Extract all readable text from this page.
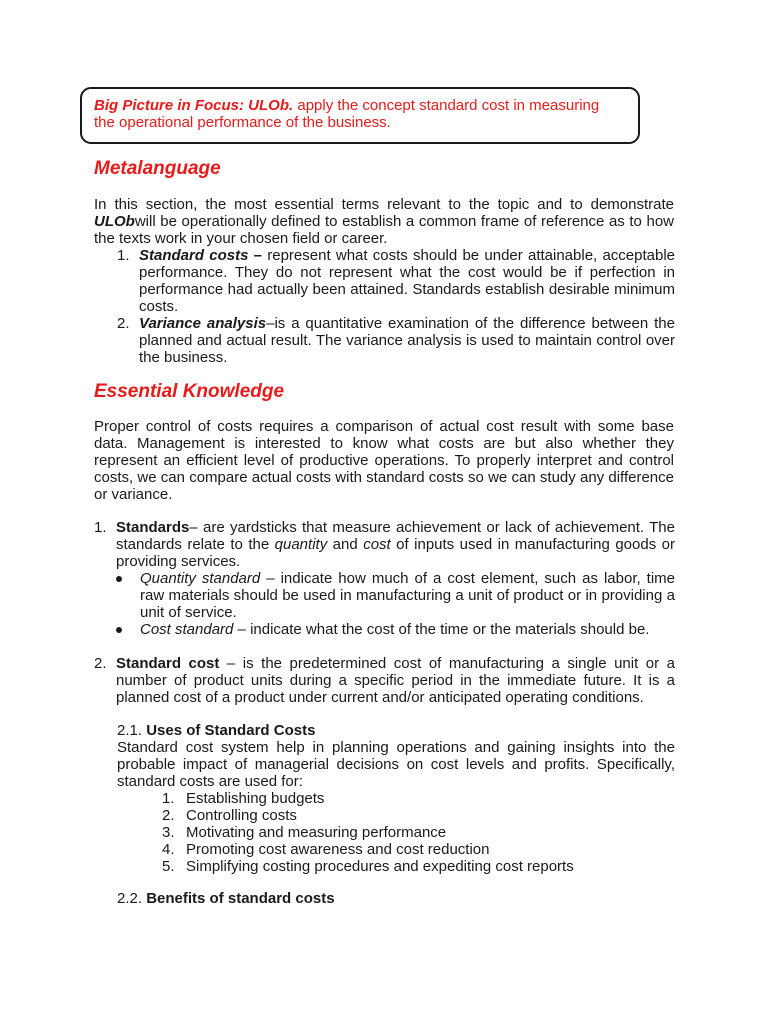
Big Picture in Focus: ULOb. apply the concept standard cost in measuring the operational performance of the business.
Metalanguage
In this section, the most essential terms relevant to the topic and to demonstrate ULObwill be operationally defined to establish a common frame of reference as to how the texts work in your chosen field or career.
1. Standard costs – represent what costs should be under attainable, acceptable performance. They do not represent what the cost would be if perfection in performance had actually been attained. Standards establish desirable minimum costs.
2. Variance analysis–is a quantitative examination of the difference between the planned and actual result. The variance analysis is used to maintain control over the business.
Essential Knowledge
Proper control of costs requires a comparison of actual cost result with some base data. Management is interested to know what costs are but also whether they represent an efficient level of productive operations. To properly interpret and control costs, we can compare actual costs with standard costs so we can study any difference or variance.
1. Standards– are yardsticks that measure achievement or lack of achievement. The standards relate to the quantity and cost of inputs used in manufacturing goods or providing services.
Quantity standard – indicate how much of a cost element, such as labor, time raw materials should be used in manufacturing a unit of product or in providing a unit of service.
Cost standard – indicate what the cost of the time or the materials should be.
2. Standard cost – is the predetermined cost of manufacturing a single unit or a number of product units during a specific period in the immediate future. It is a planned cost of a product under current and/or anticipated operating conditions.
2.1. Uses of Standard Costs
Standard cost system help in planning operations and gaining insights into the probable impact of managerial decisions on cost levels and profits. Specifically, standard costs are used for:
1. Establishing budgets
2. Controlling costs
3. Motivating and measuring performance
4. Promoting cost awareness and cost reduction
5. Simplifying costing procedures and expediting cost reports
2.2. Benefits of standard costs
